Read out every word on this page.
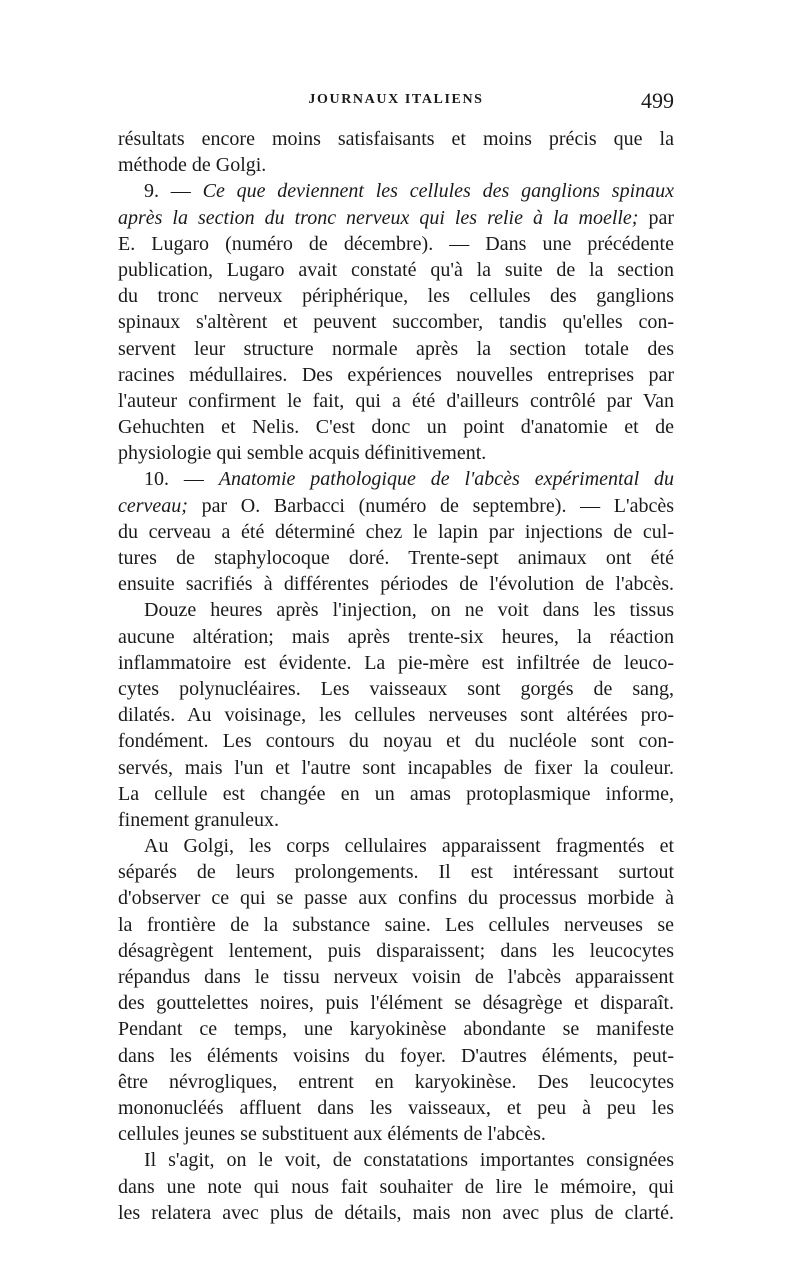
JOURNAUX ITALIENS	499
résultats encore moins satisfaisants et moins précis que la
méthode de Golgi.
9. — Ce que deviennent les cellules des ganglions spinaux
après la section du tronc nerveux qui les relie à la moelle; par
E. Lugaro (numéro de décembre). — Dans une précédente
publication, Lugaro avait constaté qu'à la suite de la section
du tronc nerveux périphérique, les cellules des ganglions
spinaux s'altèrent et peuvent succomber, tandis qu'elles con-
servent leur structure normale après la section totale des
racines médullaires. Des expériences nouvelles entreprises par
l'auteur confirment le fait, qui a été d'ailleurs contrôlé par Van
Gehuchten et Nelis. C'est donc un point d'anatomie et de
physiologie qui semble acquis définitivement.
10. — Anatomie pathologique de l'abcès expérimental du
cerveau; par O. Barbacci (numéro de septembre). — L'abcès
du cerveau a été déterminé chez le lapin par injections de cul-
tures de staphylocoque doré. Trente-sept animaux ont été
ensuite sacrifiés à différentes périodes de l'évolution de l'abcès.
Douze heures après l'injection, on ne voit dans les tissus
aucune altération; mais après trente-six heures, la réaction
inflammatoire est évidente. La pie-mère est infiltrée de leuco-
cytes polynucléaires. Les vaisseaux sont gorgés de sang,
dilatés. Au voisinage, les cellules nerveuses sont altérées pro-
fondément. Les contours du noyau et du nucléole sont con-
servés, mais l'un et l'autre sont incapables de fixer la couleur.
La cellule est changée en un amas protoplasmique informe,
finement granuleux.
Au Golgi, les corps cellulaires apparaissent fragmentés et
séparés de leurs prolongements. Il est intéressant surtout
d'observer ce qui se passe aux confins du processus morbide à
la frontière de la substance saine. Les cellules nerveuses se
désagrègent lentement, puis disparaissent; dans les leucocytes
répandus dans le tissu nerveux voisin de l'abcès apparaissent
des gouttelettes noires, puis l'élément se désagrège et disparaît.
Pendant ce temps, une karyokinèse abondante se manifeste
dans les éléments voisins du foyer. D'autres éléments, peut-
être névrogliques, entrent en karyokinèse. Des leucocytes
mononucléés affluent dans les vaisseaux, et peu à peu les
cellules jeunes se substituent aux éléments de l'abcès.
Il s'agit, on le voit, de constatations importantes consignées
dans une note qui nous fait souhaiter de lire le mémoire, qui
les relatera avec plus de détails, mais non avec plus de clarté.
